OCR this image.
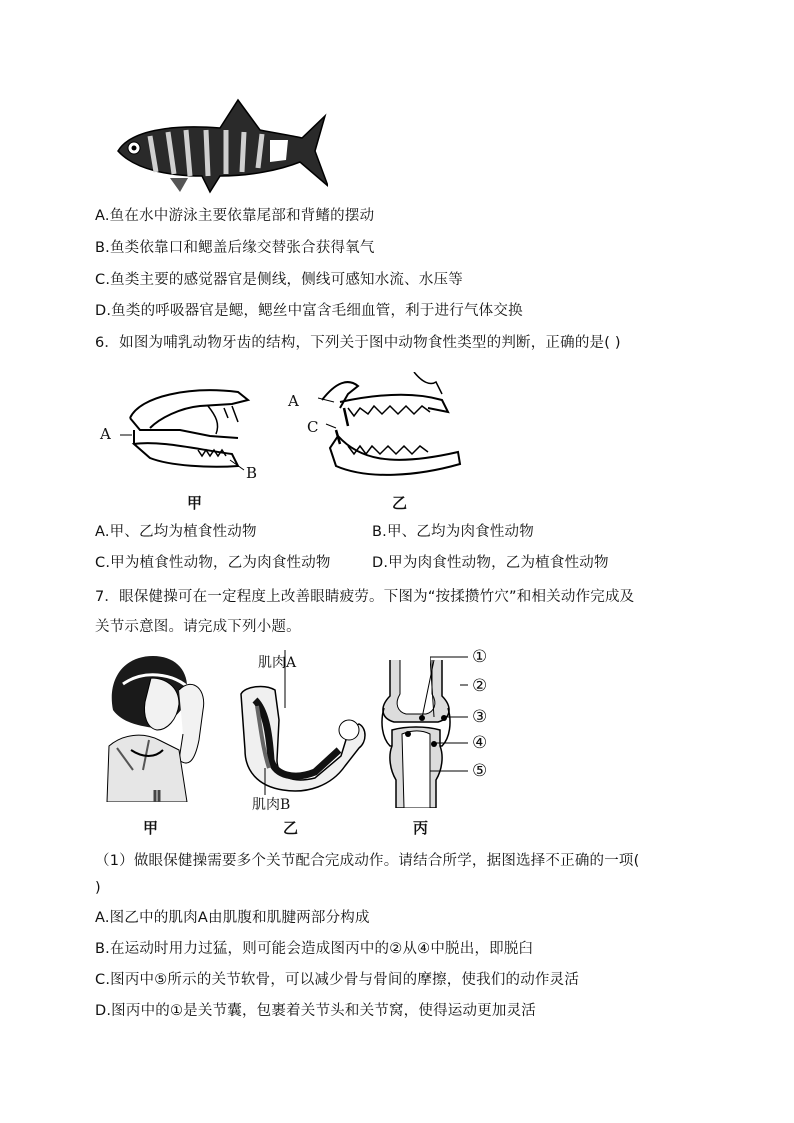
A.鱼在水中游泳主要依靠尾部和背鳍的摆动
B.鱼类依靠口和鳃盖后缘交替张合获得氧气
C.鱼类主要的感觉器官是侧线，侧线可感知水流、水压等
D.鱼类的呼吸器官是鳃，鳃丝中富含毛细血管，利于进行气体交换
6．如图为哺乳动物牙齿的结构，下列关于图中动物食性类型的判断，正确的是( )
A
B
A
C
甲	乙
A.甲、乙均为植食性动物	B.甲、乙均为肉食性动物
C.甲为植食性动物，乙为肉食性动物	D.甲为肉食性动物，乙为植食性动物
7．眼保健操可在一定程度上改善眼睛疲劳。下图为“按揉攒竹穴”和相关动作完成及
关节示意图。请完成下列小题。
肌肉A
肌肉B
①
②
③
④
⑤
甲	乙	丙
（1）做眼保健操需要多个关节配合完成动作。请结合所学，据图选择不正确的一项(
)
A.图乙中的肌肉A由肌腹和肌腱两部分构成
B.在运动时用力过猛，则可能会造成图丙中的②从④中脱出，即脱臼
C.图丙中⑤所示的关节软骨，可以减少骨与骨间的摩擦，使我们的动作灵活
D.图丙中的①是关节囊，包裹着关节头和关节窝，使得运动更加灵活
